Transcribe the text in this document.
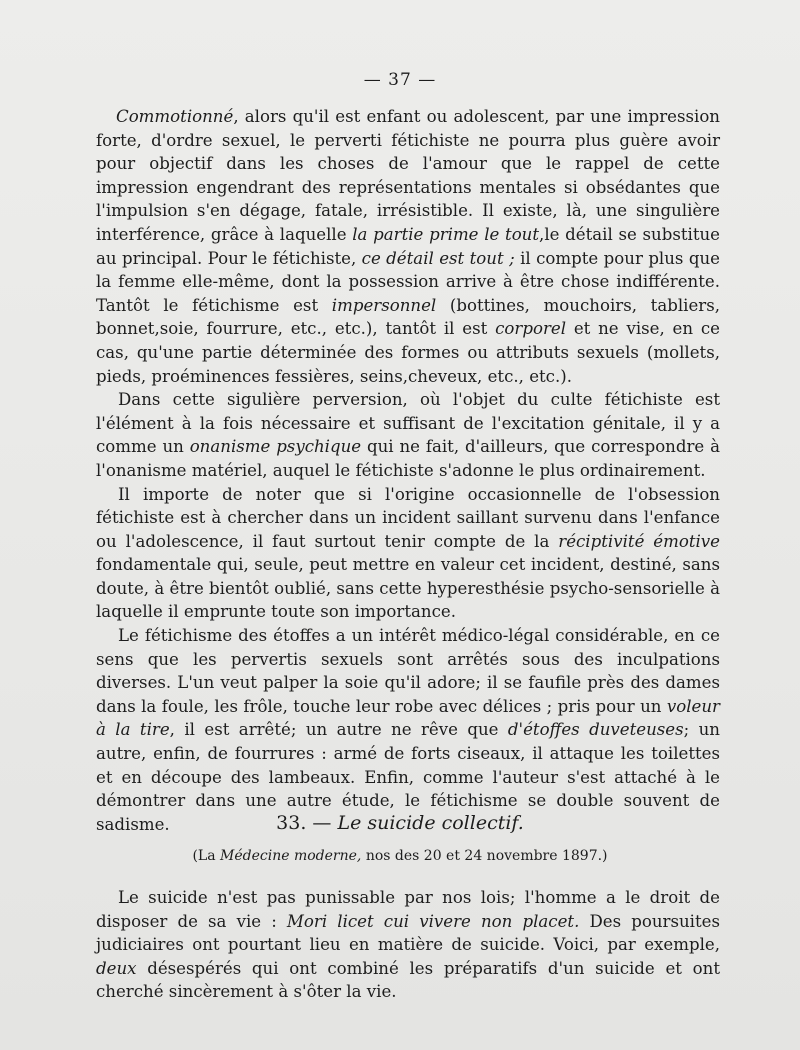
— 37 —

Commotionné, alors qu'il est enfant ou adolescent, par une impression forte, d'ordre sexuel, le perverti fétichiste ne pourra plus guère avoir pour objectif dans les choses de l'amour que le rappel de cette impression engendrant des représentations mentales si obsédantes que l'impulsion s'en dégage, fatale, irrésistible. Il existe, là, une singulière interférence, grâce à laquelle la partie prime le tout,le détail se substitue au principal. Pour le fétichiste, ce détail est tout ; il compte pour plus que la femme elle-même, dont la possession arrive à être chose indifférente. Tantôt le fétichisme est impersonnel (bottines, mouchoirs, tabliers, bonnet,soie, fourrure, etc., etc.), tantôt il est corporel et ne vise, en ce cas, qu'une partie déterminée des formes ou attributs sexuels (mollets, pieds, proéminences fessières, seins,cheveux, etc., etc.).

Dans cette sigulière perversion, où l'objet du culte fétichiste est l'élément à la fois nécessaire et suffisant de l'excitation génitale, il y a comme un onanisme psychique qui ne fait, d'ailleurs, que correspondre à l'onanisme matériel, auquel le fétichiste s'adonne le plus ordinairement.

Il importe de noter que si l'origine occasionnelle de l'obsession fétichiste est à chercher dans un incident saillant survenu dans l'enfance ou l'adolescence, il faut surtout tenir compte de la réciptivité émotive fondamentale qui, seule, peut mettre en valeur cet incident, destiné, sans doute, à être bientôt oublié, sans cette hyperesthésie psycho-sensorielle à laquelle il emprunte toute son importance.

Le fétichisme des étoffes a un intérêt médico-légal considérable, en ce sens que les pervertis sexuels sont arrêtés sous des inculpations diverses. L'un veut palper la soie qu'il adore; il se faufile près des dames dans la foule, les frôle, touche leur robe avec délices ; pris pour un voleur à la tire, il est arrêté; un autre ne rêve que d'étoffes duveteuses; un autre, enfin, de fourrures : armé de forts ciseaux, il attaque les toilettes et en découpe des lambeaux. Enfin, comme l'auteur s'est attaché à le démontrer dans une autre étude, le fétichisme se double souvent de sadisme.	33. — Le suicide collectif.
(La Médecine moderne, nos des 20 et 24 novembre 1897.)

Le suicide n'est pas punissable par nos lois; l'homme a le droit de disposer de sa vie : Mori licet cui vivere non placet. Des poursuites judiciaires ont pourtant lieu en matière de suicide. Voici, par exemple, deux désespérés qui ont combiné les préparatifs d'un suicide et ont cherché sincèrement à s'ôter la vie.
